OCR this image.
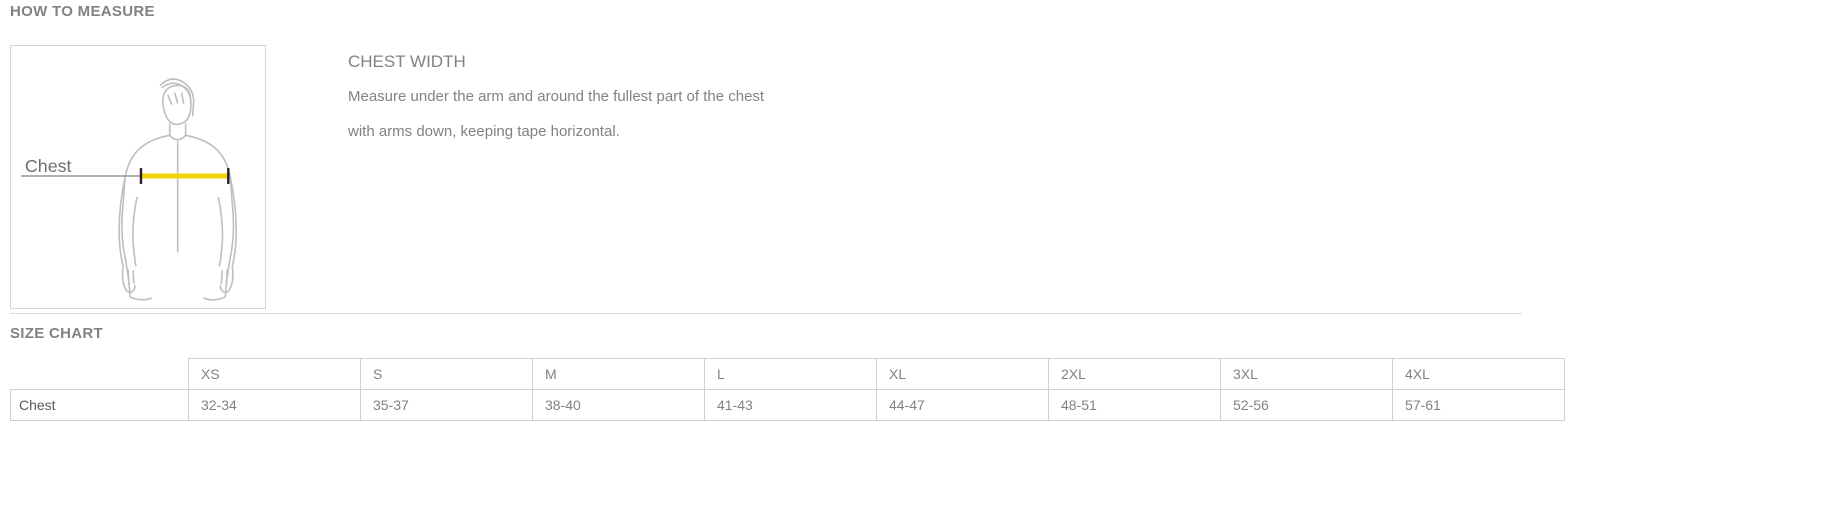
HOW TO MEASURE
Chest
CHEST WIDTH
Measure under the arm and around the fullest part of the chest
with arms down, keeping tape horizontal.
SIZE CHART
	XS	S	M	L	XL	2XL	3XL	4XL
Chest	32-34	35-37	38-40	41-43	44-47	48-51	52-56	57-61
